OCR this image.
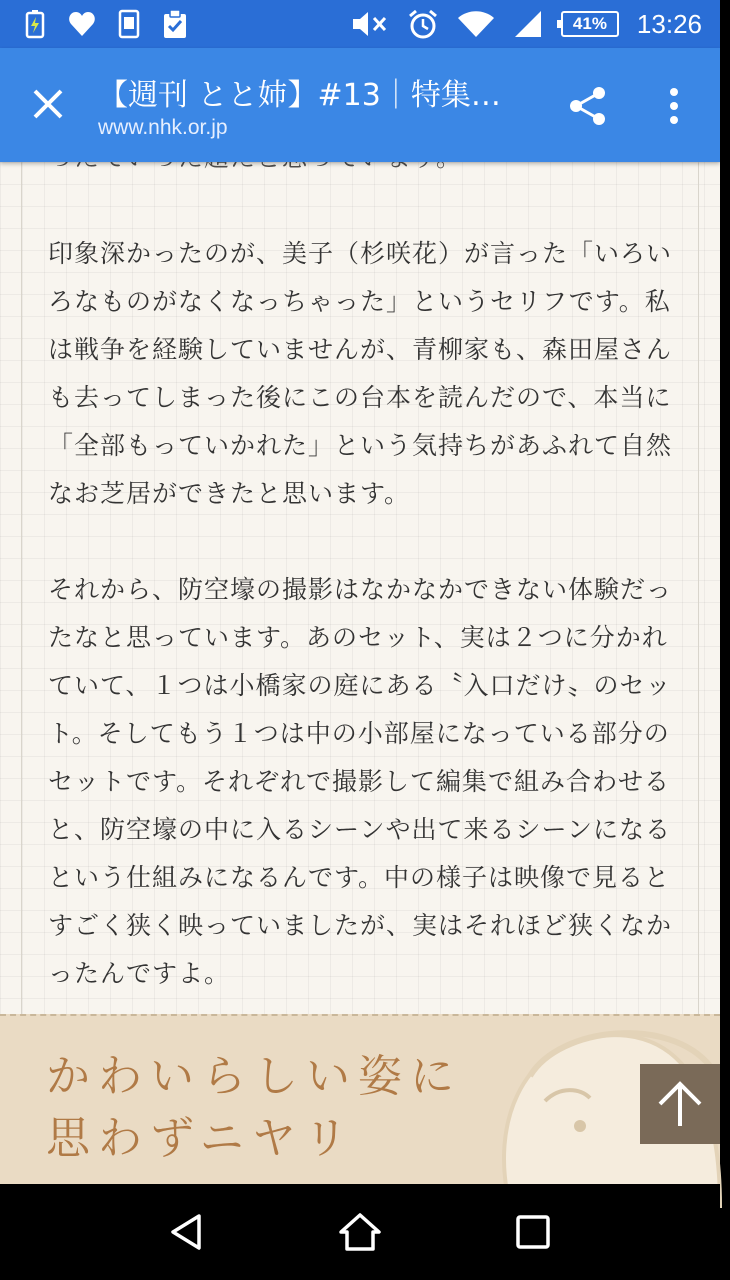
41%	13:26
【週刊 とと姉】#13｜特集…
www.nhk.or.jp

印象深かったのが、美子（杉咲花）が言った「いろいろなものがなくなっちゃった」というセリフです。私は戦争を経験していませんが、青柳家も、森田屋さんも去ってしまった後にこの台本を読んだので、本当に「全部もっていかれた」という気持ちがあふれて自然なお芝居ができたと思います。

それから、防空壕の撮影はなかなかできない体験だったなと思っています。あのセット、実は２つに分かれていて、１つは小橋家の庭にある〝入口だけ〟のセット。そしてもう１つは中の小部屋になっている部分のセットです。それぞれで撮影して編集で組み合わせると、防空壕の中に入るシーンや出て来るシーンになるという仕組みになるんです。中の様子は映像で見るとすごく狭く映っていましたが、実はそれほど狭くなかったんですよ。

かわいらしい姿に
思わずニヤリ
